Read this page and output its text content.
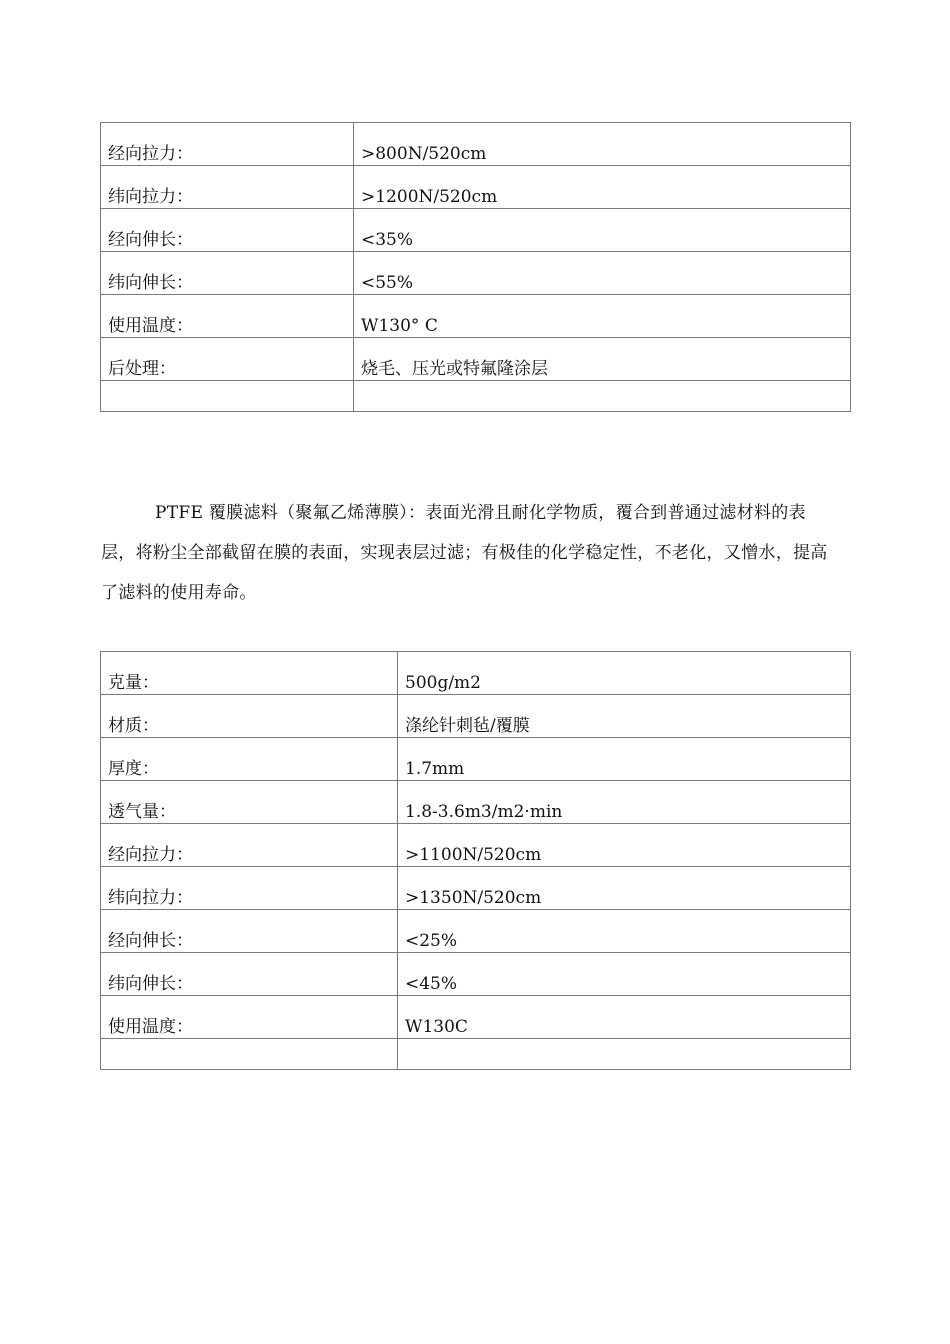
经向拉力：	>800N/520cm
纬向拉力：	>1200N/520cm
经向伸长：	<35%
纬向伸长：	<55%
使用温度：	W130° C
后处理：	烧毛、压光或特氟隆涂层

PTFE 覆膜滤料（聚氟乙烯薄膜）：表面光滑且耐化学物质，覆合到普通过滤材料的表层，将粉尘全部截留在膜的表面，实现表层过滤；有极佳的化学稳定性，不老化，又憎水，提高了滤料的使用寿命。

克量：	500g/m2
材质：	涤纶针刺毡/覆膜
厚度：	1.7mm
透气量：	1.8-3.6m3/m2·min
经向拉力：	>1100N/520cm
纬向拉力：	>1350N/520cm
经向伸长：	<25%
纬向伸长：	<45%
使用温度：	W130C
